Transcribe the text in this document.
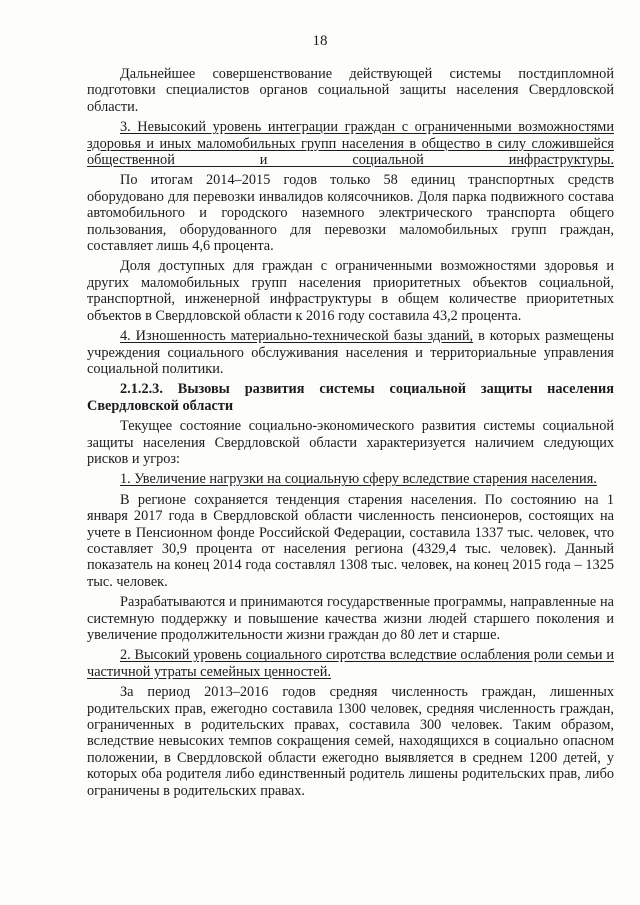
18

Дальнейшее совершенствование действующей системы постдипломной подготовки специалистов органов социальной защиты населения Свердловской области.

3. Невысокий уровень интеграции граждан с ограниченными возможностями здоровья и иных маломобильных групп населения в общество в силу сложившейся общественной и социальной инфраструктуры.

По итогам 2014–2015 годов только 58 единиц транспортных средств оборудовано для перевозки инвалидов колясочников. Доля парка подвижного состава автомобильного и городского наземного электрического транспорта общего пользования, оборудованного для перевозки маломобильных групп граждан, составляет лишь 4,6 процента.

Доля доступных для граждан с ограниченными возможностями здоровья и других маломобильных групп населения приоритетных объектов социальной, транспортной, инженерной инфраструктуры в общем количестве приоритетных объектов в Свердловской области к 2016 году составила 43,2 процента.

4. Изношенность материально-технической базы зданий, в которых размещены учреждения социального обслуживания населения и территориальные управления социальной политики.

2.1.2.3. Вызовы развития системы социальной защиты населения Свердловской области

Текущее состояние социально-экономического развития системы социальной защиты населения Свердловской области характеризуется наличием следующих рисков и угроз:

1. Увеличение нагрузки на социальную сферу вследствие старения населения.

В регионе сохраняется тенденция старения населения. По состоянию на 1 января 2017 года в Свердловской области численность пенсионеров, состоящих на учете в Пенсионном фонде Российской Федерации, составила 1337 тыс. человек, что составляет 30,9 процента от населения региона (4329,4 тыс. человек). Данный показатель на конец 2014 года составлял 1308 тыс. человек, на конец 2015 года – 1325 тыс. человек.

Разрабатываются и принимаются государственные программы, направленные на системную поддержку и повышение качества жизни людей старшего поколения и увеличение продолжительности жизни граждан до 80 лет и старше.

2. Высокий уровень социального сиротства вследствие ослабления роли семьи и частичной утраты семейных ценностей.

За период 2013–2016 годов средняя численность граждан, лишенных родительских прав, ежегодно составила 1300 человек, средняя численность граждан, ограниченных в родительских правах, составила 300 человек. Таким образом, вследствие невысоких темпов сокращения семей, находящихся в социально опасном положении, в Свердловской области ежегодно выявляется в среднем 1200 детей, у которых оба родителя либо единственный родитель лишены родительских прав, либо ограничены в родительских правах.
